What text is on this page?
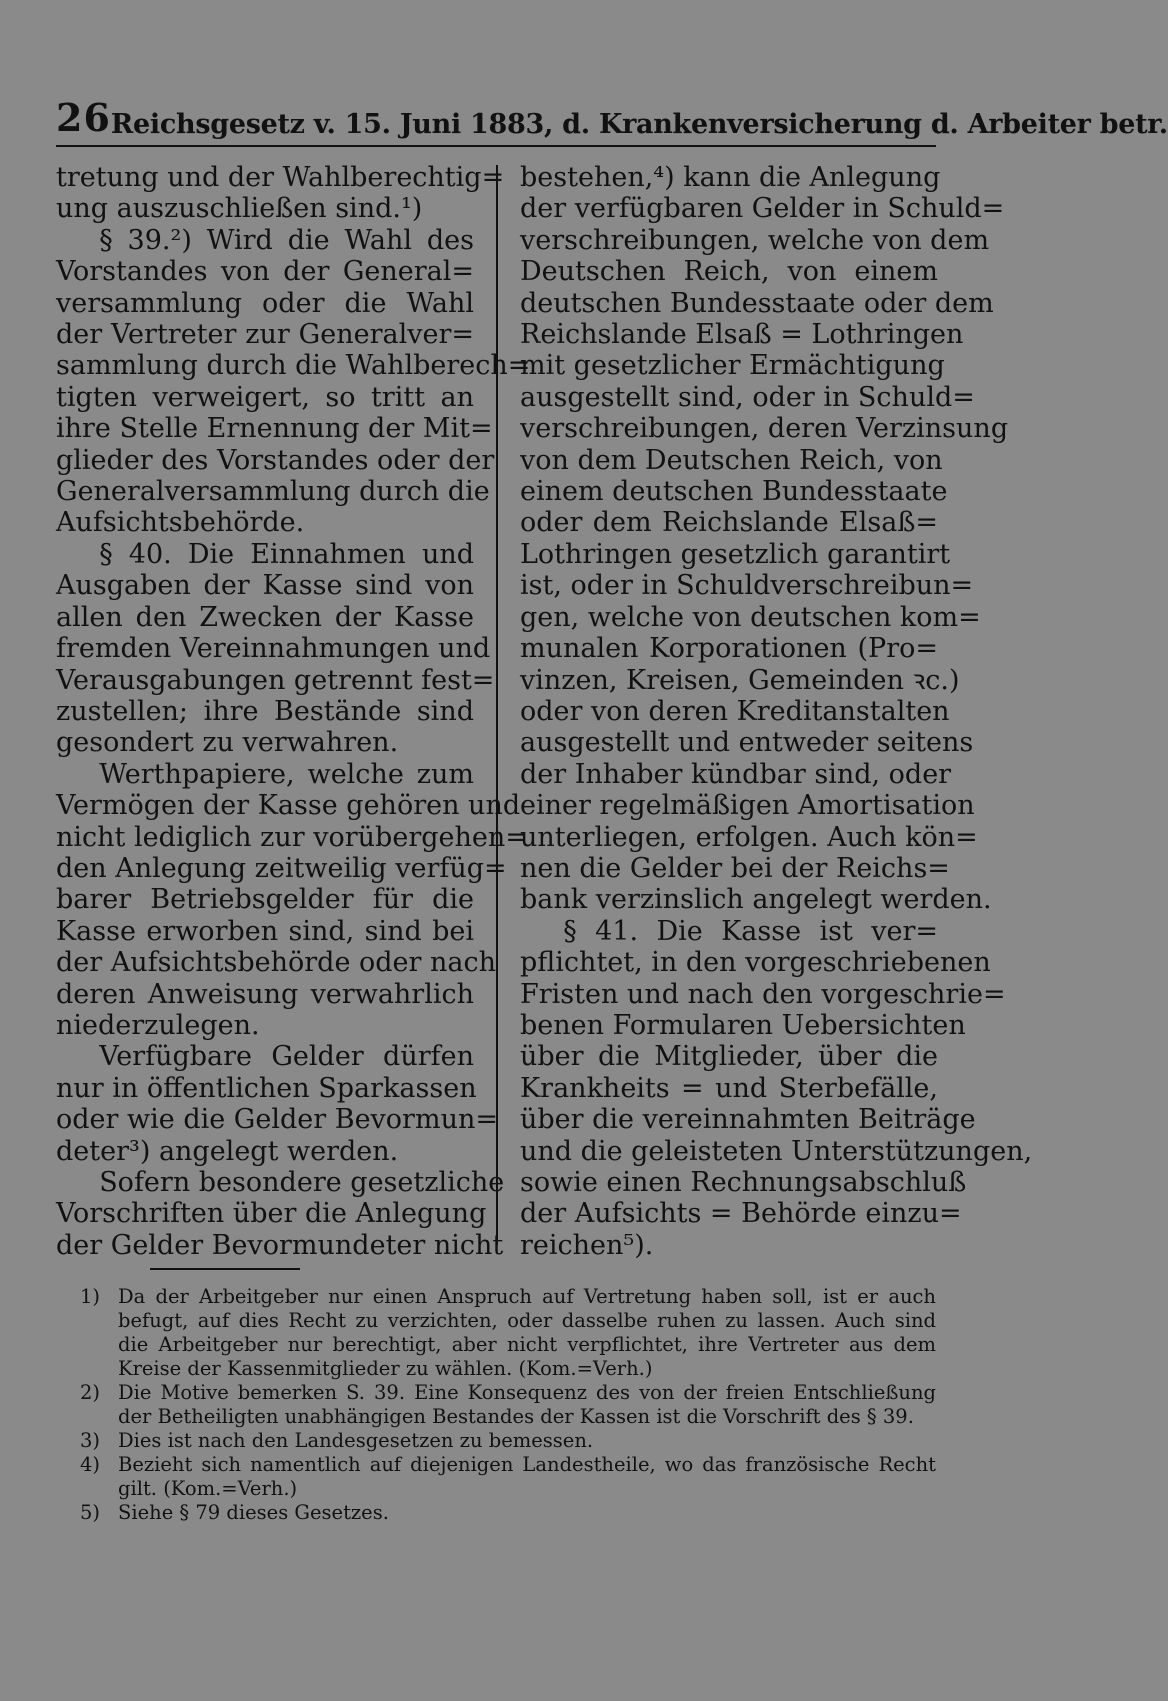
26 Reichsgesetz v. 15. Juni 1883, d. Krankenversicherung d. Arbeiter betr.
tretung und der Wahlberechtig=
ung auszuschließen sind.¹)
§ 39.²) Wird die Wahl des
Vorstandes von der General=
versammlung oder die Wahl
der Vertreter zur Generalver=
sammlung durch die Wahlberech=
tigten verweigert, so tritt an
ihre Stelle Ernennung der Mit=
glieder des Vorstandes oder der
Generalversammlung durch die
Aufsichtsbehörde.
§ 40. Die Einnahmen und
Ausgaben der Kasse sind von
allen den Zwecken der Kasse
fremden Vereinnahmungen und
Verausgabungen getrennt fest=
zustellen; ihre Bestände sind
gesondert zu verwahren.
Werthpapiere, welche zum
Vermögen der Kasse gehören und
nicht lediglich zur vorübergehen=
den Anlegung zeitweilig verfüg=
barer Betriebsgelder für die
Kasse erworben sind, sind bei
der Aufsichtsbehörde oder nach
deren Anweisung verwahrlich
niederzulegen.
Verfügbare Gelder dürfen
nur in öffentlichen Sparkassen
oder wie die Gelder Bevormun=
deter³) angelegt werden.
Sofern besondere gesetzliche
Vorschriften über die Anlegung
der Gelder Bevormundeter nicht
bestehen,⁴) kann die Anlegung
der verfügbaren Gelder in Schuld=
verschreibungen, welche von dem
Deutschen Reich, von einem
deutschen Bundesstaate oder dem
Reichslande Elsaß = Lothringen
mit gesetzlicher Ermächtigung
ausgestellt sind, oder in Schuld=
verschreibungen, deren Verzinsung
von dem Deutschen Reich, von
einem deutschen Bundesstaate
oder dem Reichslande Elsaß=
Lothringen gesetzlich garantirt
ist, oder in Schuldverschreibun=
gen, welche von deutschen kom=
munalen Korporationen (Pro=
vinzen, Kreisen, Gemeinden ꝛc.)
oder von deren Kreditanstalten
ausgestellt und entweder seitens
der Inhaber kündbar sind, oder
einer regelmäßigen Amortisation
unterliegen, erfolgen. Auch kön=
nen die Gelder bei der Reichs=
bank verzinslich angelegt werden.
§ 41. Die Kasse ist ver=
pflichtet, in den vorgeschriebenen
Fristen und nach den vorgeschrie=
benen Formularen Uebersichten
über die Mitglieder, über die
Krankheits = und Sterbefälle,
über die vereinnahmten Beiträge
und die geleisteten Unterstützungen,
sowie einen Rechnungsabschluß
der Aufsichts = Behörde einzu=
reichen⁵).
1) Da der Arbeitgeber nur einen Anspruch auf Vertretung haben soll, ist er auch
befugt, auf dies Recht zu verzichten, oder dasselbe ruhen zu lassen. Auch sind
die Arbeitgeber nur berechtigt, aber nicht verpflichtet, ihre Vertreter aus dem
Kreise der Kassenmitglieder zu wählen. (Kom.=Verh.)
2) Die Motive bemerken S. 39. Eine Konsequenz des von der freien Entschließung
der Betheiligten unabhängigen Bestandes der Kassen ist die Vorschrift des § 39.
3) Dies ist nach den Landesgesetzen zu bemessen.
4) Bezieht sich namentlich auf diejenigen Landestheile, wo das französische Recht
gilt. (Kom.=Verh.)
5) Siehe § 79 dieses Gesetzes.
